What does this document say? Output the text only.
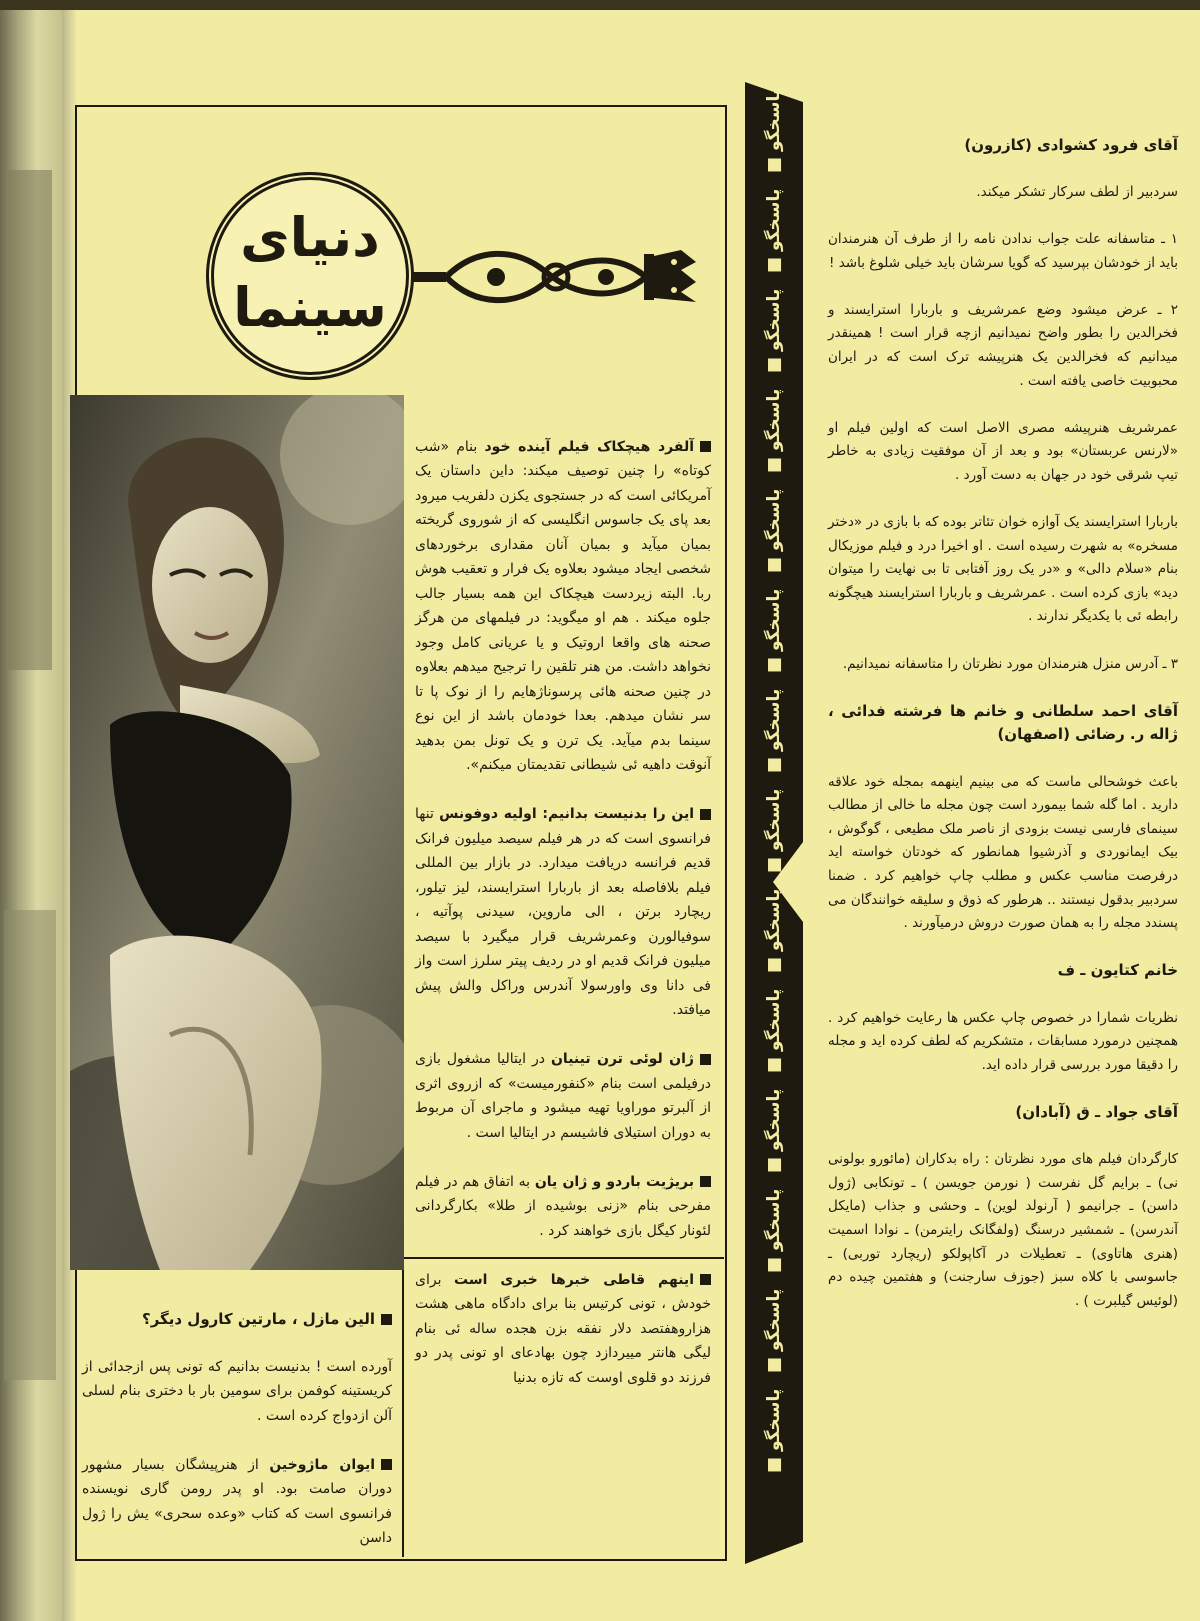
دنیای
سینما

الین مازل ، مارتین کارول دیگر؟

آلفرد هیچکاک فیلم آینده خود بنام «شب کوتاه» را چنین توصیف میکند: داین داستان یک آمریکائی است که در جستجوی یکزن دلفریب میرود بعد پای یک جاسوس انگلیسی که از شوروی گریخته بمیان میآید و بمیان آنان مقداری برخوردهای شخصی ایجاد میشود بعلاوه یک فرار و تعقیب هوش ربا. البته زیردست هیچکاک این همه بسیار جالب جلوه میکند . هم او میگوید: در فیلمهای من هرگز صحنه های واقعا اروتیک و یا عریانی کامل وجود نخواهد داشت. من هنر تلقین را ترجیح میدهم بعلاوه در چنین صحنه هائی پرسوناژهایم را از نوک پا تا سر نشان میدهم. بعدا خودمان باشد از این نوع سینما بدم میآید. یک ترن و یک تونل بمن بدهید آنوقت داهیه ئی شیطانی تقدیمتان میکنم».

این را بدنیست بدانیم: اولیه دوفونس تنها فرانسوی است که در هر فیلم سیصد میلیون فرانک قدیم فرانسه دریافت میدارد. در بازار بین المللی فیلم بلافاصله بعد از باربارا استرایسند، لیز تیلور، ریچارد برتن ، الی ماروین، سیدنی پوآتیه ، سوفیالورن وعمرشریف قرار میگیرد با سیصد میلیون فرانک قدیم او در ردیف پیتر سلرز است واز فی دانا وی واورسولا آندرس وراکل والش پیش میافتد.

ژان لوئی ترن تینیان در ایتالیا مشغول بازی درفیلمی است بنام «کنفورمیست» که ازروی اثری از آلبرتو موراویا تهیه میشود و ماجرای آن مربوط به دوران استیلای فاشیسم در ایتالیا است .

بریژیت باردو و ژان یان به اتفاق هم در فیلم مفرحی بنام «زنی بوشیده از طلا» بکارگردانی لئونار کیگل بازی خواهند کرد .

اینهم قاطی خبرها خبری است برای خودش ، تونی کرتیس بنا برای دادگاه ماهی هشت هزاروهفتصد دلار نفقه بزن هجده ساله ئی بنام لیگی هانتر مییردازد چون بهادعای او تونی پدر دو فرزند دو قلوی اوست که تازه بدنیا

آورده است ! بدنیست بدانیم که تونی پس ازجدائی از کریستینه کوفمن برای سومین بار با دختری بنام لسلی آلن ازدواج کرده است .

ایوان ماژوخین از هنرپیشگان بسیار مشهور دوران صامت بود. او پدر رومن گاری نویسنده فرانسوی است که کتاب «وعده سحری» یش را ژول داسن

■ پاسخگو
■ پاسخگو
■ پاسخگو
■ پاسخگو
■ پاسخگو
■ پاسخگو
■ پاسخگو
■ پاسخگو
■ پاسخگو
■ پاسخگو
■ پاسخگو
■ پاسخگو
■ پاسخگو
■ پاسخگو

آقای فرود کشوادی (کازرون)

سردبیر از لطف سرکار تشکر میکند.

۱ ـ متاسفانه علت جواب ندادن نامه را از طرف آن هنرمندان باید از خودشان بپرسید که گویا سرشان باید خیلی شلوغ باشد !

۲ ـ عرض میشود وضع عمرشریف و باربارا استرایسند و فخرالدین را بطور واضح نمیدانیم ازچه قرار است ! همینقدر میدانیم که فخرالدین یک هنرپیشه ترک است که در ایران محبوبیت خاصی یافته است .

عمرشریف هنرپیشه مصری الاصل است که اولین فیلم او «لارنس عربستان» بود و بعد از آن موفقیت زیادی به خاطر تیپ شرقی خود در جهان به دست آورد .

باربارا استرایسند یک آوازه خوان تئاتر بوده که با بازی در «دختر مسخره» به شهرت رسیده است . او اخیرا درد و فیلم موزیکال بنام «سلام دالی» و «در یک روز آفتابی تا بی نهایت را میتوان دید» بازی کرده است . عمرشریف و باربارا استرایسند هیچگونه رابطه ئی با یکدیگر ندارند .

۳ ـ آدرس منزل هنرمندان مورد نظرتان را متاسفانه نمیدانیم.

آقای احمد سلطانی و خانم ها فرشته فدائی ، ژاله ر. رضائی (اصفهان)

باعث خوشحالی ماست که می بینیم اینهمه بمجله خود علاقه دارید . اما گله شما بیمورد است چون مجله ما خالی از مطالب سینمای فارسی نیست بزودی از ناصر ملک مطیعی ، گوگوش ، بیک ایمانوردی و آذرشیوا همانطور که خودتان خواسته اید درفرصت مناسب عکس و مطلب چاپ خواهیم کرد . ضمنا سردبیر بدقول نیستند .. هرطور که ذوق و سلیقه خوانندگان می پسندد مجله را به همان صورت دروش درمیآورند .

خانم کتایون ـ ف

نظریات شمارا در خصوص چاپ عکس ها رعایت خواهیم کرد . همچنین درمورد مسابقات ، متشکریم که لطف کرده اید و مجله را دقیقا مورد بررسی قرار داده اید.

آقای جواد ـ ق (آبادان)

کارگردان فیلم های مورد نظرتان : راه بدکاران (مائورو بولونی نی) ـ برایم گل نفرست ( نورمن جویسن ) ـ تونکابی (ژول داسن) ـ جرانیمو ( آرنولد لوین) ـ وحشی و جذاب (مایکل آندرسن) ـ شمشیر درسنگ (ولفگانک رایترمن) ـ نوادا اسمیت (هنری هاتاوی) ـ تعطیلات در آکاپولکو (ریچارد توربی) ـ جاسوسی با کلاه سبز (جوزف سارجنت) و هفتمین چیده دم (لوئیس گیلبرت ) .
